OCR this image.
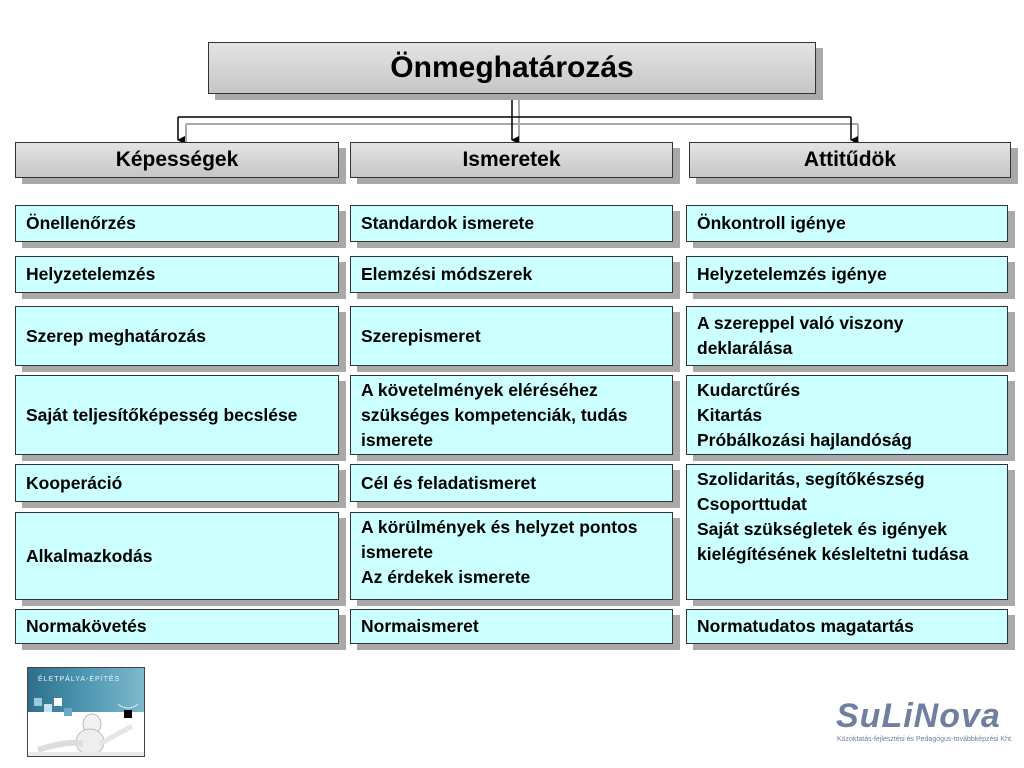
Önmeghatározás
Képességek	Ismeretek	Attitűdök
Önellenőrzés
Helyzetelemzés
Szerep meghatározás
Saját teljesítőképesség becslése
Kooperáció
Alkalmazkodás
Normakövetés
Standardok ismerete
Elemzési módszerek
Szerepismeret
A követelmények eléréséhez szükséges kompetenciák, tudás ismerete
Cél és feladatismeret
A körülmények és helyzet pontos ismerete
Az érdekek ismerete
Normaismeret
Önkontroll igénye
Helyzetelemzés igénye
A szereppel való viszony deklarálása
Kudarctűrés
Kitartás
Próbálkozási hajlandóság
Szolidaritás, segítőkészség
Csoporttudat
Saját szükségletek és igények kielégítésének késleltetni tudása
Normatudatos magatartás
ÉLETPÁLYA-ÉPÍTÉS
SuLiNova
Közoktatás-fejlesztési és Pedagógus-továbbképzési Kht.
